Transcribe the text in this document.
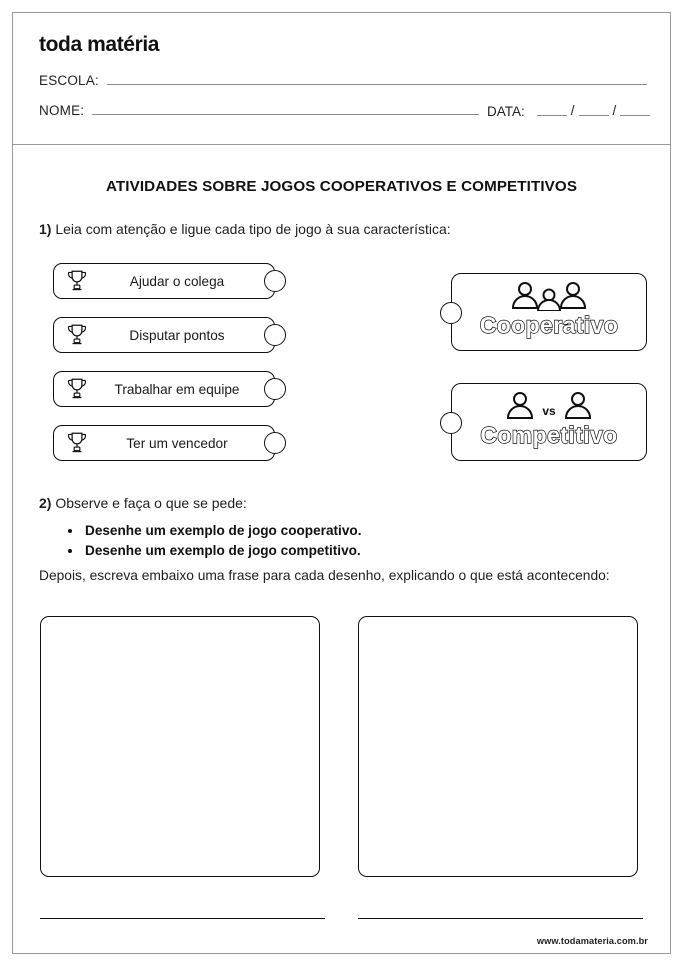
toda matéria
ESCOLA:
NOME:	DATA:	/	/
ATIVIDADES SOBRE JOGOS COOPERATIVOS E COMPETITIVOS
1) Leia com atenção e ligue cada tipo de jogo à sua característica:
Ajudar o colega
Disputar pontos
Trabalhar em equipe
Ter um vencedor
Cooperativo
vs
Competitivo
2) Observe e faça o que se pede:
• Desenhe um exemplo de jogo cooperativo.
• Desenhe um exemplo de jogo competitivo.
Depois, escreva embaixo uma frase para cada desenho, explicando o que está acontecendo:
www.todamateria.com.br
